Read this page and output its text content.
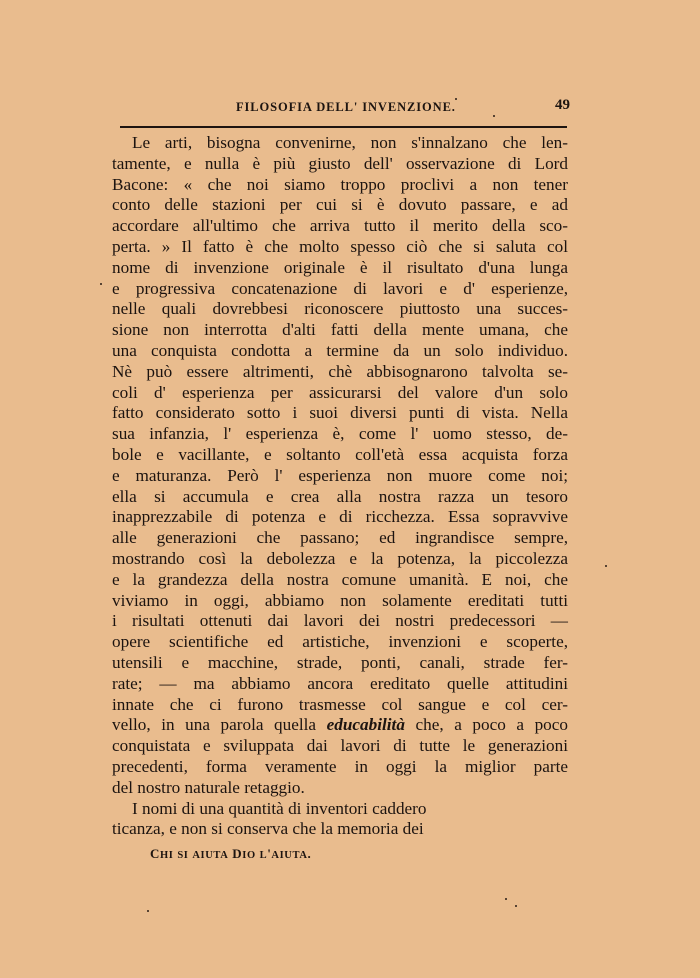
FILOSOFIA DELL' INVENZIONE.	49
Le arti, bisogna convenirne, non s'innalzano che len-
tamente, e nulla è più giusto dell' osservazione di Lord
Bacone: « che noi siamo troppo proclivi a non tener
conto delle stazioni per cui si è dovuto passare, e ad
accordare all'ultimo che arriva tutto il merito della sco-
perta. » Il fatto è che molto spesso ciò che si saluta col
nome di invenzione originale è il risultato d'una lunga
e progressiva concatenazione di lavori e d' esperienze,
nelle quali dovrebbesi riconoscere piuttosto una succes-
sione non interrotta d'alti fatti della mente umana, che
una conquista condotta a termine da un solo individuo.
Nè può essere altrimenti, chè abbisognarono talvolta se-
coli d' esperienza per assicurarsi del valore d'un solo
fatto considerato sotto i suoi diversi punti di vista. Nella
sua infanzia, l' esperienza è, come l' uomo stesso, de-
bole e vacillante, e soltanto coll'età essa acquista forza
e maturanza. Però l' esperienza non muore come noi;
ella si accumula e crea alla nostra razza un tesoro
inapprezzabile di potenza e di ricchezza. Essa sopravvive
alle generazioni che passano; ed ingrandisce sempre,
mostrando così la debolezza e la potenza, la piccolezza
e la grandezza della nostra comune umanità. E noi, che
viviamo in oggi, abbiamo non solamente ereditati tutti
i risultati ottenuti dai lavori dei nostri predecessori —
opere scientifiche ed artistiche, invenzioni e scoperte,
utensili e macchine, strade, ponti, canali, strade fer-
rate; — ma abbiamo ancora ereditato quelle attitudini
innate che ci furono trasmesse col sangue e col cer-
vello, in una parola quella educabilità che, a poco a poco
conquistata e sviluppata dai lavori di tutte le generazioni
precedenti, forma veramente in oggi la miglior parte
del nostro naturale retaggio.
I nomi di una quantità di inventori caddero
ticanza, e non si conserva che la memoria dei
CHI SI AIUTA DIO L'AIUTA.
